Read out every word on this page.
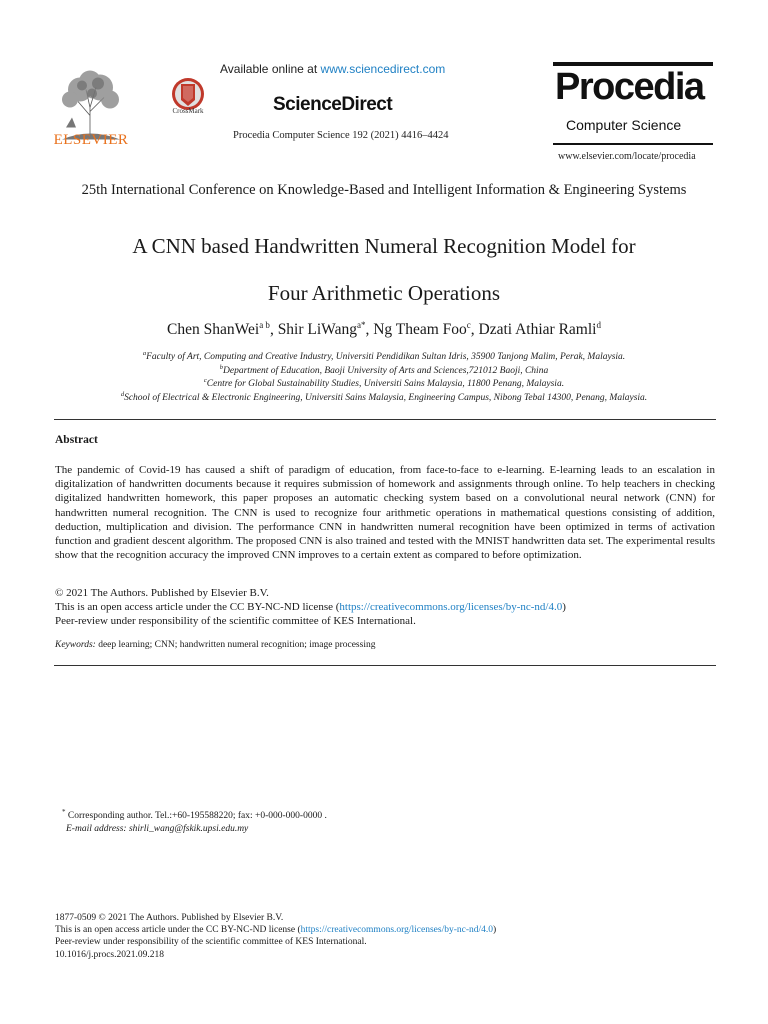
ELSEVIER
CrossMark
Available online at www.sciencedirect.com
ScienceDirect
Procedia Computer Science 192 (2021) 4416–4424
Procedia
Computer Science
www.elsevier.com/locate/procedia
25th International Conference on Knowledge-Based and Intelligent Information & Engineering Systems
A CNN based Handwritten Numeral Recognition Model for
Four Arithmetic Operations
Chen ShanWei$^{a b}$, Shir LiWang$^{a*}$, Ng Theam Foo$^c$, Dzati Athiar Ramli$^d$
$^a$Faculty of Art, Computing and Creative Industry, Universiti Pendidikan Sultan Idris, 35900 Tanjong Malim, Perak, Malaysia.
$^b$Department of Education, Baoji University of Arts and Sciences,721012 Baoji, China
$^c$Centre for Global Sustainability Studies, Universiti Sains Malaysia, 11800 Penang, Malaysia.
$^d$School of Electrical & Electronic Engineering, Universiti Sains Malaysia, Engineering Campus, Nibong Tebal 14300, Penang, Malaysia.
Abstract
The pandemic of Covid-19 has caused a shift of paradigm of education, from face-to-face to e-learning. E-learning leads to an escalation in digitalization of handwritten documents because it requires submission of homework and assignments through online. To help teachers in checking digitalized handwritten homework, this paper proposes an automatic checking system based on a convolutional neural network (CNN) for handwritten numeral recognition. The CNN is used to recognize four arithmetic operations in mathematical questions consisting of addition, deduction, multiplication and division. The performance CNN in handwritten numeral recognition have been optimized in terms of activation function and gradient descent algorithm. The proposed CNN is also trained and tested with the MNIST handwritten data set. The experimental results show that the recognition accuracy the improved CNN improves to a certain extent as compared to before optimization.
© 2021 The Authors. Published by Elsevier B.V.
This is an open access article under the CC BY-NC-ND license (https://creativecommons.org/licenses/by-nc-nd/4.0)
Peer-review under responsibility of the scientific committee of KES International.
Keywords: deep learning; CNN; handwritten numeral recognition; image processing
* Corresponding author. Tel.:+60-195588220; fax: +0-000-000-0000 .
E-mail address: shirli_wang@fskik.upsi.edu.my
1877-0509 © 2021 The Authors. Published by Elsevier B.V.
This is an open access article under the CC BY-NC-ND license (https://creativecommons.org/licenses/by-nc-nd/4.0)
Peer-review under responsibility of the scientific committee of KES International.
10.1016/j.procs.2021.09.218
